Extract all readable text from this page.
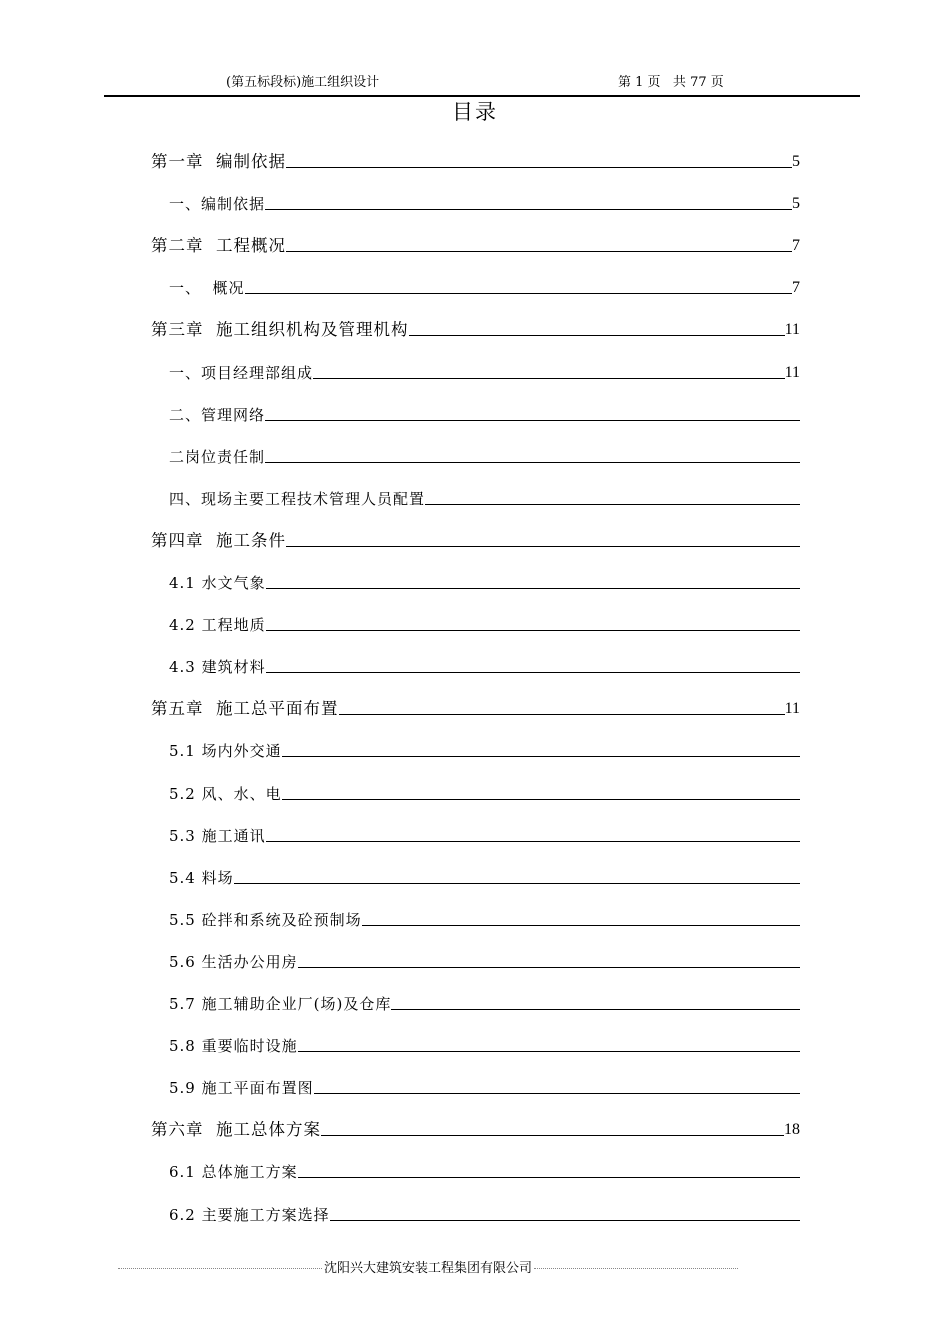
(第五标段标)施工组织设计	第 1 页   共 77 页
目录
第一章  编制依据	5
一、编制依据	5
第二章  工程概况	7
一、  概况	7
第三章  施工组织机构及管理机构	11
一、项目经理部组成	11
二、管理网络
二岗位责任制
四、现场主要工程技术管理人员配置
第四章  施工条件
4.1 水文气象
4.2 工程地质
4.3 建筑材料
第五章  施工总平面布置	11
5.1 场内外交通
5.2 风、水、电
5.3 施工通讯
5.4 料场
5.5 砼拌和系统及砼预制场
5.6 生活办公用房
5.7 施工辅助企业厂(场)及仓库
5.8 重要临时设施
5.9 施工平面布置图
第六章  施工总体方案	18
6.1 总体施工方案
6.2 主要施工方案选择
沈阳兴大建筑安装工程集团有限公司
